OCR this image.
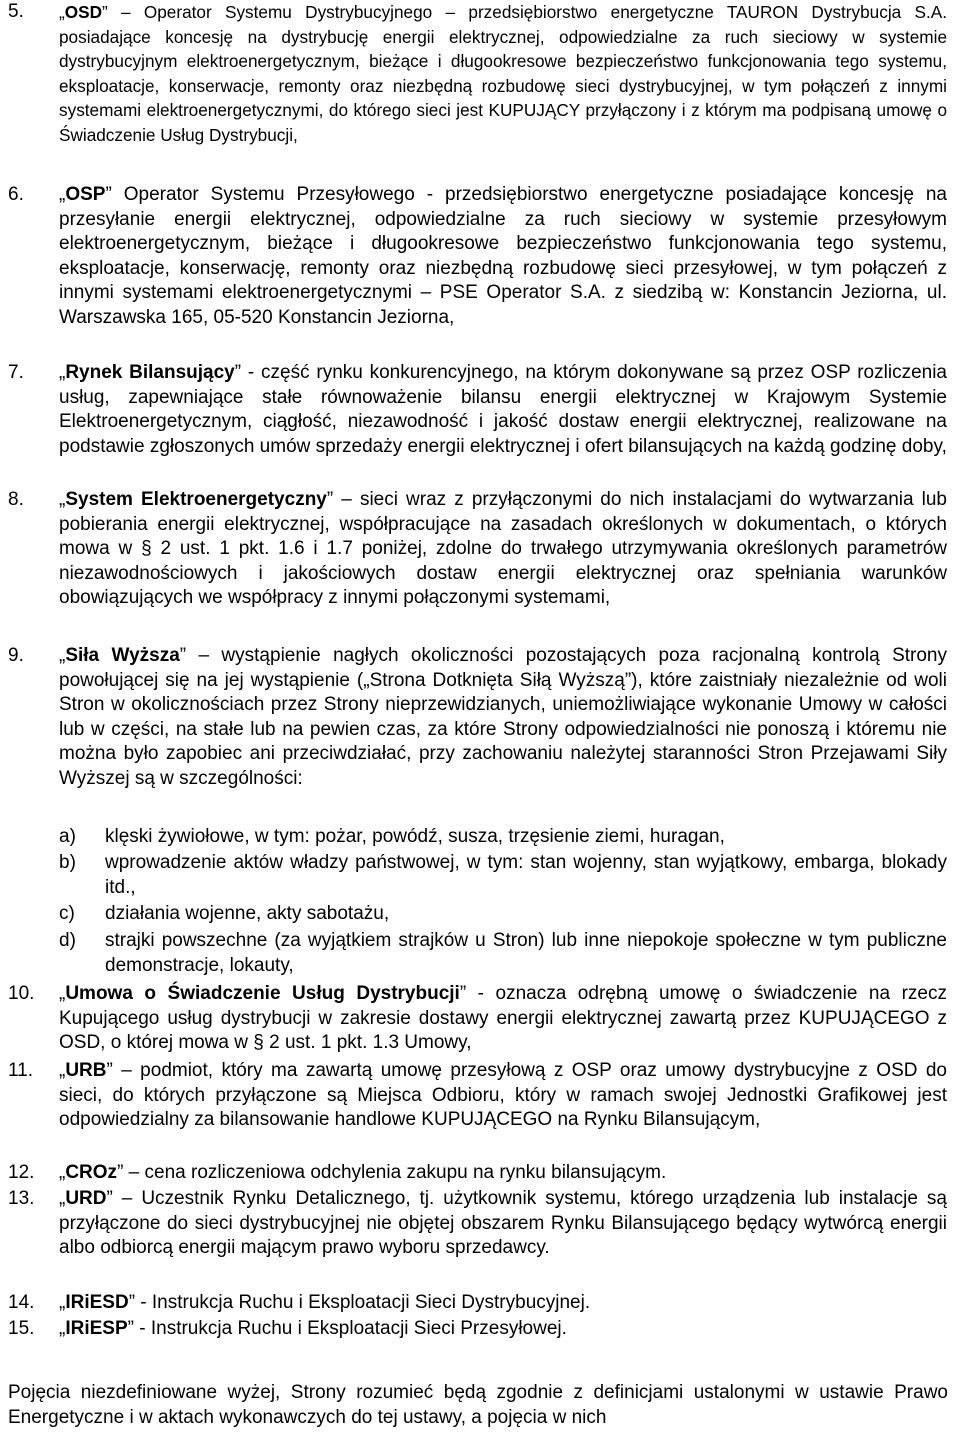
5. „OSD” – Operator Systemu Dystrybucyjnego – przedsiębiorstwo energetyczne TAURON Dystrybucja S.A. posiadające koncesję na dystrybucję energii elektrycznej, odpowiedzialne za ruch sieciowy w systemie dystrybucyjnym elektroenergetycznym, bieżące i długookresowe bezpieczeństwo funkcjonowania tego systemu, eksploatacje, konserwacje, remonty oraz niezbędną rozbudowę sieci dystrybucyjnej, w tym połączeń z innymi systemami elektroenergetycznymi, do którego sieci jest KUPUJĄCY przyłączony i z którym ma podpisaną umowę o Świadczenie Usług Dystrybucji,
6. „OSP” Operator Systemu Przesyłowego - przedsiębiorstwo energetyczne posiadające koncesję na przesyłanie energii elektrycznej, odpowiedzialne za ruch sieciowy w systemie przesyłowym elektroenergetycznym, bieżące i długookresowe bezpieczeństwo funkcjonowania tego systemu, eksploatacje, konserwację, remonty oraz niezbędną rozbudowę sieci przesyłowej, w tym połączeń z innymi systemami elektroenergetycznymi – PSE Operator S.A. z siedzibą w: Konstancin Jeziorna, ul. Warszawska 165, 05-520 Konstancin Jeziorna,
7. „Rynek Bilansujący” - część rynku konkurencyjnego, na którym dokonywane są przez OSP rozliczenia usług, zapewniające stałe równoważenie bilansu energii elektrycznej w Krajowym Systemie Elektroenergetycznym, ciągłość, niezawodność i jakość dostaw energii elektrycznej, realizowane na podstawie zgłoszonych umów sprzedaży energii elektrycznej i ofert bilansujących na każdą godzinę doby,
8. „System Elektroenergetyczny” – sieci wraz z przyłączonymi do nich instalacjami do wytwarzania lub pobierania energii elektrycznej, współpracujące na zasadach określonych w dokumentach, o których mowa w § 2 ust. 1 pkt. 1.6 i 1.7 poniżej, zdolne do trwałego utrzymywania określonych parametrów niezawodnościowych i jakościowych dostaw energii elektrycznej oraz spełniania warunków obowiązujących we współpracy z innymi połączonymi systemami,
9. „Siła Wyższa” – wystąpienie nagłych okoliczności pozostających poza racjonalną kontrolą Strony powołującej się na jej wystąpienie („Strona Dotknięta Siłą Wyższą”), które zaistniały niezależnie od woli Stron w okolicznościach przez Strony nieprzewidzianych, uniemożliwiające wykonanie Umowy w całości lub w części, na stałe lub na pewien czas, za które Strony odpowiedzialności nie ponoszą i któremu nie można było zapobiec ani przeciwdziałać, przy zachowaniu należytej staranności Stron Przejawami Siły Wyższej są w szczególności:
a) klęski żywiołowe, w tym: pożar, powódź, susza, trzęsienie ziemi, huragan,
b) wprowadzenie aktów władzy państwowej, w tym: stan wojenny, stan wyjątkowy, embarga, blokady itd.,
c) działania wojenne, akty sabotażu,
d) strajki powszechne (za wyjątkiem strajków u Stron) lub inne niepokoje społeczne w tym publiczne demonstracje, lokauty,
10. „Umowa o Świadczenie Usług Dystrybucji” - oznacza odrębną umowę o świadczenie na rzecz Kupującego usług dystrybucji w zakresie dostawy energii elektrycznej zawartą przez KUPUJĄCEGO z OSD, o której mowa w § 2 ust. 1 pkt. 1.3 Umowy,
11. „URB” – podmiot, który ma zawartą umowę przesyłową z OSP oraz umowy dystrybucyjne z OSD do sieci, do których przyłączone są Miejsca Odbioru, który w ramach swojej Jednostki Grafikowej jest odpowiedzialny za bilansowanie handlowe KUPUJĄCEGO na Rynku Bilansującym,
12. „CROz” – cena rozliczeniowa odchylenia zakupu na rynku bilansującym.
13. „URD” – Uczestnik Rynku Detalicznego, tj. użytkownik systemu, którego urządzenia lub instalacje są przyłączone do sieci dystrybucyjnej nie objętej obszarem Rynku Bilansującego będący wytwórcą energii albo odbiorcą energii mającym prawo wyboru sprzedawcy.
14. „IRiESD” - Instrukcja Ruchu i Eksploatacji Sieci Dystrybucyjnej.
15. „IRiESP” - Instrukcja Ruchu i Eksploatacji Sieci Przesyłowej.
Pojęcia niezdefiniowane wyżej, Strony rozumieć będą zgodnie z definicjami ustalonymi w ustawie Prawo Energetyczne i w aktach wykonawczych do tej ustawy, a pojęcia w nich
